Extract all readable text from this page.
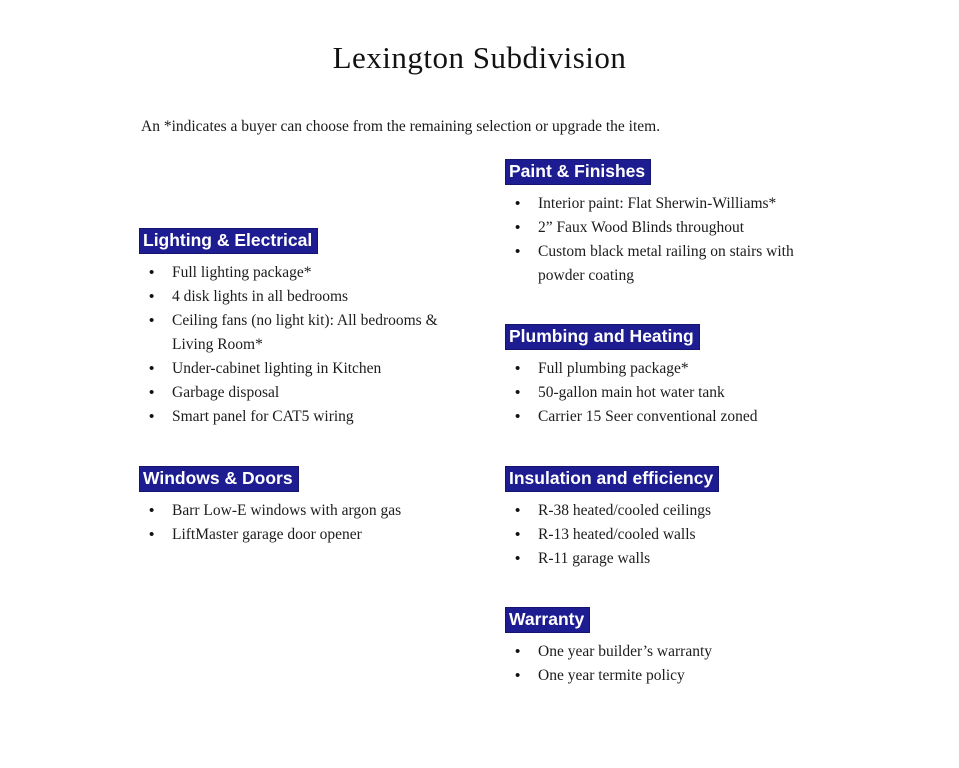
Lexington Subdivision

An *indicates a buyer can choose from the remaining selection or upgrade the item.

Lighting & Electrical
• Full lighting package*
• 4 disk lights in all bedrooms
• Ceiling fans (no light kit): All bedrooms & Living Room*
• Under-cabinet lighting in Kitchen
• Garbage disposal
• Smart panel for CAT5 wiring
Windows & Doors
• Barr Low-E windows with argon gas
• LiftMaster garage door opener
Paint & Finishes
• Interior paint: Flat Sherwin-Williams*
• 2” Faux Wood Blinds throughout
• Custom black metal railing on stairs with powder coating
Plumbing and Heating
• Full plumbing package*
• 50-gallon main hot water tank
• Carrier 15 Seer conventional zoned
Insulation and efficiency
• R-38 heated/cooled ceilings
• R-13 heated/cooled walls
• R-11 garage walls
Warranty
• One year builder’s warranty
• One year termite policy
